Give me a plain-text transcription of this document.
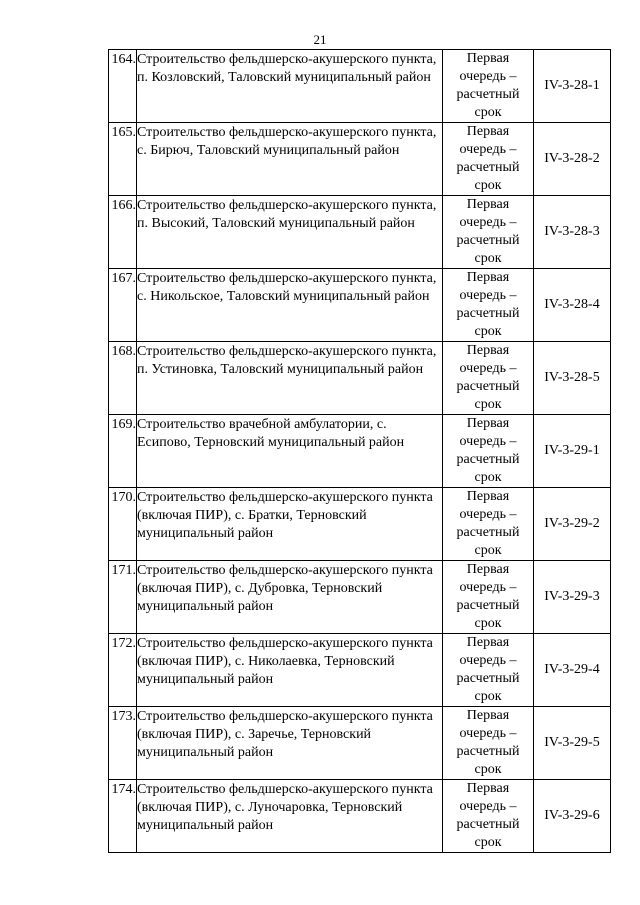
21
164.	Строительство фельдшерско-акушерского пункта, п. Козловский, Таловский муниципальный район	Первая
очередь –
расчетный
срок	IV-3-28-1

165.	Строительство фельдшерско-акушерского пункта, с. Бирюч, Таловский муниципальный район	Первая
очередь –
расчетный
срок	IV-3-28-2

166.	Строительство фельдшерско-акушерского пункта, п. Высокий, Таловский муниципальный район	Первая
очередь –
расчетный
срок	IV-3-28-3

167.	Строительство фельдшерско-акушерского пункта, с. Никольское, Таловский муниципальный район	Первая
очередь –
расчетный
срок	IV-3-28-4

168.	Строительство фельдшерско-акушерского пункта, п. Устиновка, Таловский муниципальный район	Первая
очередь –
расчетный
срок	IV-3-28-5

169.	Строительство врачебной амбулатории, с. Есипово, Терновский муниципальный район	Первая
очередь –
расчетный
срок	IV-3-29-1

170.	Строительство фельдшерско-акушерского пункта (включая ПИР), с. Братки, Терновский муниципальный район	Первая
очередь –
расчетный
срок	IV-3-29-2

171.	Строительство фельдшерско-акушерского пункта (включая ПИР), с. Дубровка, Терновский муниципальный район	Первая
очередь –
расчетный
срок	IV-3-29-3

172.	Строительство фельдшерско-акушерского пункта (включая ПИР), с. Николаевка, Терновский муниципальный район	Первая
очередь –
расчетный
срок	IV-3-29-4

173.	Строительство фельдшерско-акушерского пункта (включая ПИР), с. Заречье, Терновский муниципальный район	Первая
очередь –
расчетный
срок	IV-3-29-5

174.	Строительство фельдшерско-акушерского пункта (включая ПИР), с. Луночаровка, Терновский муниципальный район	Первая
очередь –
расчетный
срок	IV-3-29-6
